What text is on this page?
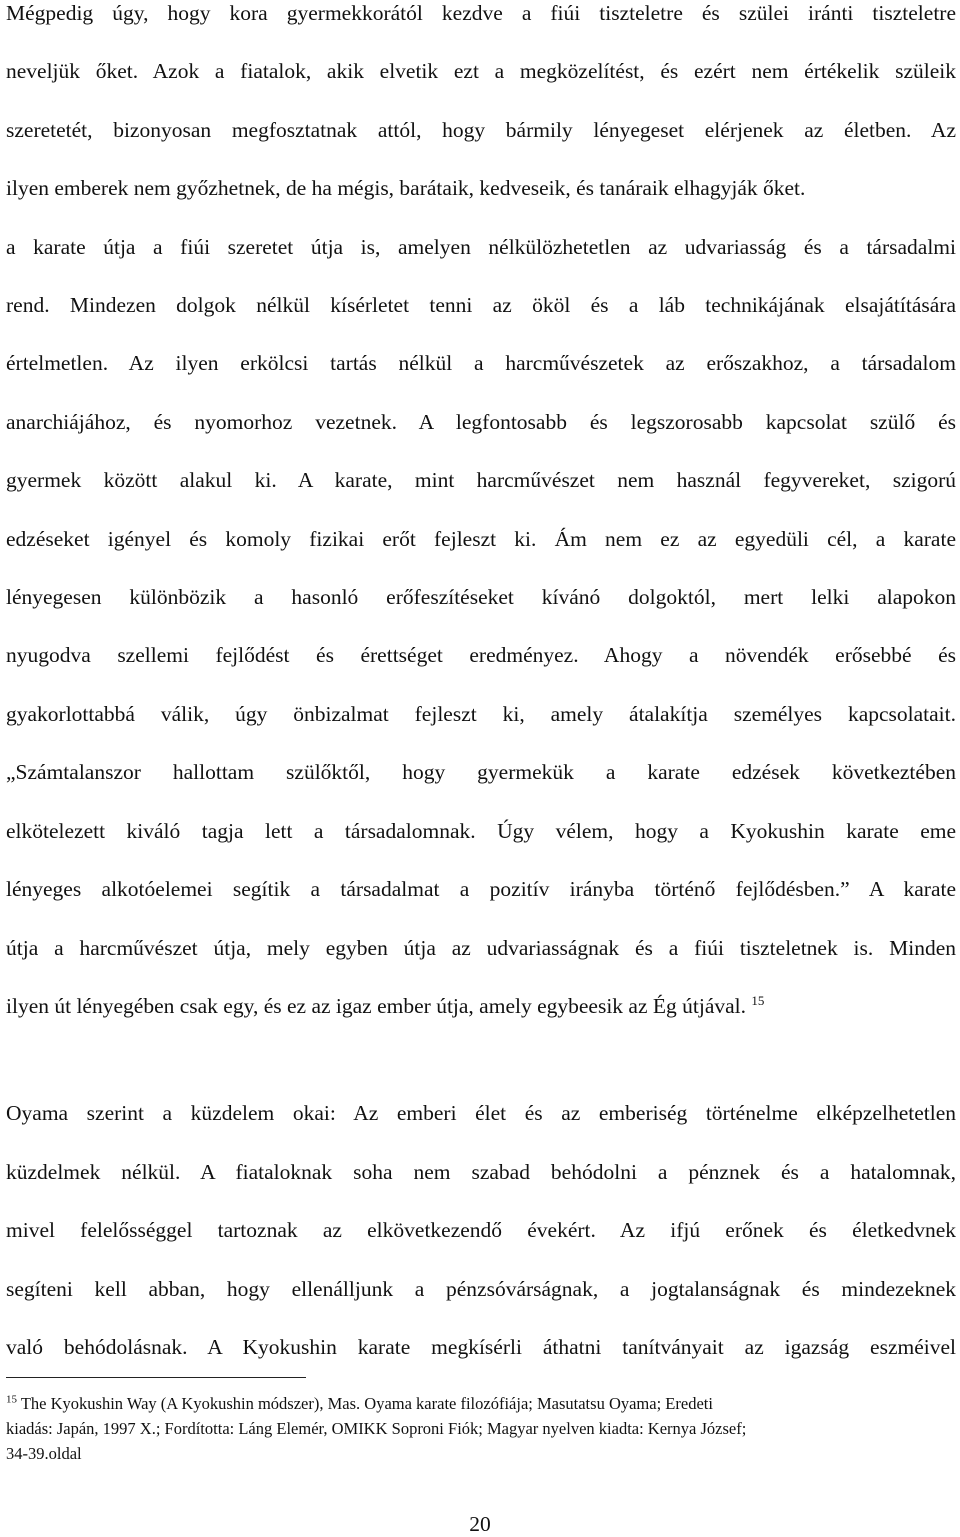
Mégpedig úgy, hogy kora gyermekkorától kezdve a fiúi tiszteletre és szülei iránti tiszteletre
neveljük őket. Azok a fiatalok, akik elvetik ezt a megközelítést, és ezért nem értékelik szüleik
szeretetét, bizonyosan megfosztatnak attól, hogy bármily lényegeset elérjenek az életben. Az
ilyen emberek nem győzhetnek, de ha mégis, barátaik, kedveseik, és tanáraik elhagyják őket.
a karate útja a fiúi szeretet útja is, amelyen nélkülözhetetlen az udvariasság és a társadalmi
rend. Mindezen dolgok nélkül kísérletet tenni az ököl és a láb technikájának elsajátítására
értelmetlen. Az ilyen erkölcsi tartás nélkül a harcművészetek az erőszakhoz, a társadalom
anarchiájához, és nyomorhoz vezetnek. A legfontosabb és legszorosabb kapcsolat szülő és
gyermek között alakul ki. A karate, mint harcművészet nem használ fegyvereket, szigorú
edzéseket igényel és komoly fizikai erőt fejleszt ki. Ám nem ez az egyedüli cél, a karate
lényegesen különbözik a hasonló erőfeszítéseket kívánó dolgoktól, mert lelki alapokon
nyugodva szellemi fejlődést és érettséget eredményez. Ahogy a növendék erősebbé és
gyakorlottabbá válik, úgy önbizalmat fejleszt ki, amely átalakítja személyes kapcsolatait.
„Számtalanszor hallottam szülőktől, hogy gyermekük a karate edzések következtében
elkötelezett kiváló tagja lett a társadalomnak. Úgy vélem, hogy a Kyokushin karate eme
lényeges alkotóelemei segítik a társadalmat a pozitív irányba történő fejlődésben.” A karate
útja a harcművészet útja, mely egyben útja az udvariasságnak és a fiúi tiszteletnek is. Minden
ilyen út lényegében csak egy, és ez az igaz ember útja, amely egybeesik az Ég útjával. $^{15}$
Oyama szerint a küzdelem okai: Az emberi élet és az emberiség történelme elképzelhetetlen
küzdelmek nélkül. A fiataloknak soha nem szabad behódolni a pénznek és a hatalomnak,
mivel felelősséggel tartoznak az elkövetkezendő évekért. Az ifjú erőnek és életkedvnek
segíteni kell abban, hogy ellenálljunk a pénzsóvárságnak, a jogtalanságnak és mindezeknek
való behódolásnak. A Kyokushin karate megkísérli áthatni tanítványait az igazság eszméivel
$^{15}$ The Kyokushin Way (A Kyokushin módszer), Mas. Oyama karate filozófiája; Masutatsu Oyama; Eredeti
kiadás: Japán, 1997 X.; Fordította: Láng Elemér, OMIKK Soproni Fiók; Magyar nyelven kiadta: Kernya József;
34-39.oldal
20
